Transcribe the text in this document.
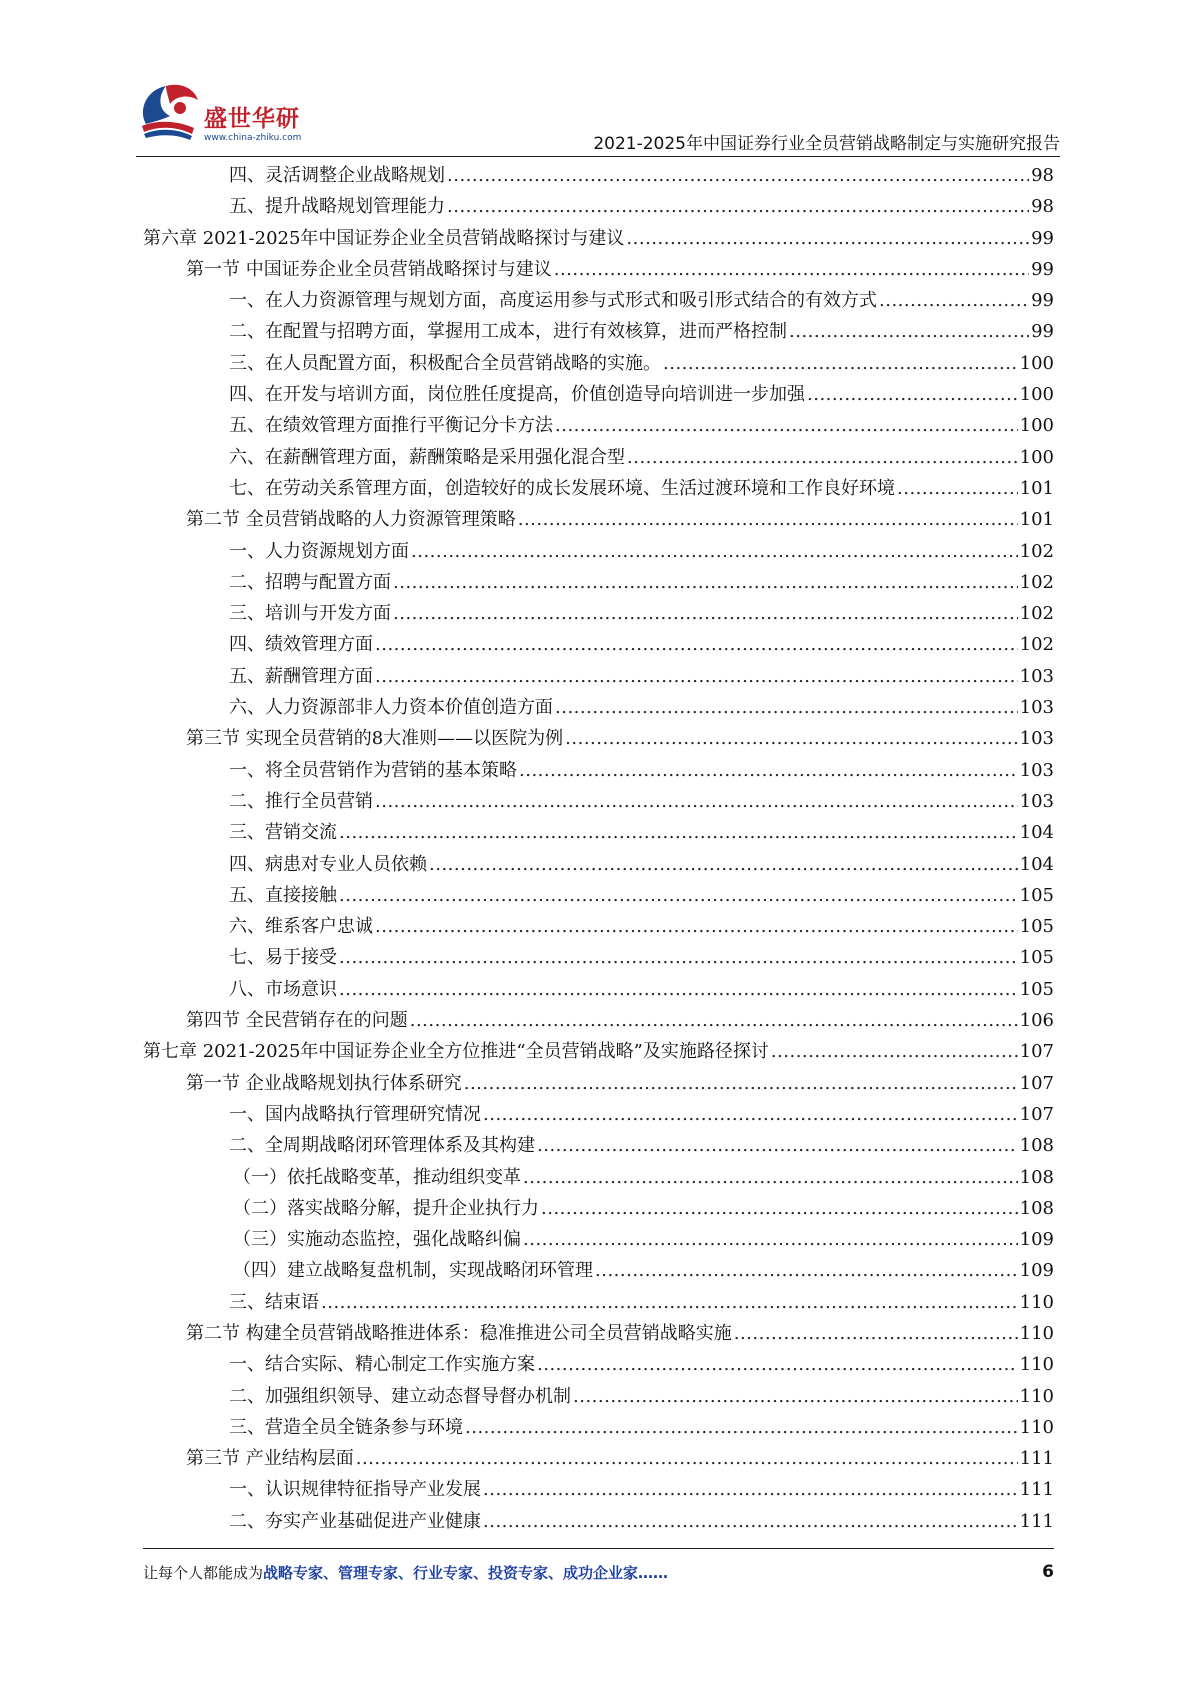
盛世华研
www.china-zhiku.com	2021-2025年中国证券行业全员营销战略制定与实施研究报告
四、灵活调整企业战略规划 .....	98
五、提升战略规划管理能力 .....	98
第六章 2021-2025年中国证券企业全员营销战略探讨与建议 .....	99
第一节 中国证券企业全员营销战略探讨与建议 .....	99
一、在人力资源管理与规划方面，高度运用参与式形式和吸引形式结合的有效方式 .....	99
二、在配置与招聘方面，掌握用工成本，进行有效核算，进而严格控制 .....	99
三、在人员配置方面，积极配合全员营销战略的实施。 .....	100
四、在开发与培训方面，岗位胜任度提高，价值创造导向培训进一步加强 .....	100
五、在绩效管理方面推行平衡记分卡方法 .....	100
六、在薪酬管理方面，薪酬策略是采用强化混合型 .....	100
七、在劳动关系管理方面，创造较好的成长发展环境、生活过渡环境和工作良好环境 .....	101
第二节 全员营销战略的人力资源管理策略 .....	101
一、人力资源规划方面 .....	102
二、招聘与配置方面 .....	102
三、培训与开发方面 .....	102
四、绩效管理方面 .....	102
五、薪酬管理方面 .....	103
六、人力资源部非人力资本价值创造方面 .....	103
第三节 实现全员营销的8大准则——以医院为例 .....	103
一、将全员营销作为营销的基本策略 .....	103
二、推行全员营销 .....	103
三、营销交流 .....	104
四、病患对专业人员依赖 .....	104
五、直接接触 .....	105
六、维系客户忠诚 .....	105
七、易于接受 .....	105
八、市场意识 .....	105
第四节 全民营销存在的问题 .....	106
第七章 2021-2025年中国证券企业全方位推进“全员营销战略”及实施路径探讨 .....	107
第一节 企业战略规划执行体系研究 .....	107
一、国内战略执行管理研究情况 .....	107
二、全周期战略闭环管理体系及其构建 .....	108
（一）依托战略变革，推动组织变革 .....	108
（二）落实战略分解，提升企业执行力 .....	108
（三）实施动态监控，强化战略纠偏 .....	109
（四）建立战略复盘机制，实现战略闭环管理 .....	109
三、结束语 .....	110
第二节 构建全员营销战略推进体系：稳准推进公司全员营销战略实施 .....	110
一、结合实际、精心制定工作实施方案 .....	110
二、加强组织领导、建立动态督导督办机制 .....	110
三、营造全员全链条参与环境 .....	110
第三节 产业结构层面 .....	111
一、认识规律特征指导产业发展 .....	111
二、夯实产业基础促进产业健康 .....	111
让每个人都能成为战略专家、管理专家、行业专家、投资专家、成功企业家……	6
